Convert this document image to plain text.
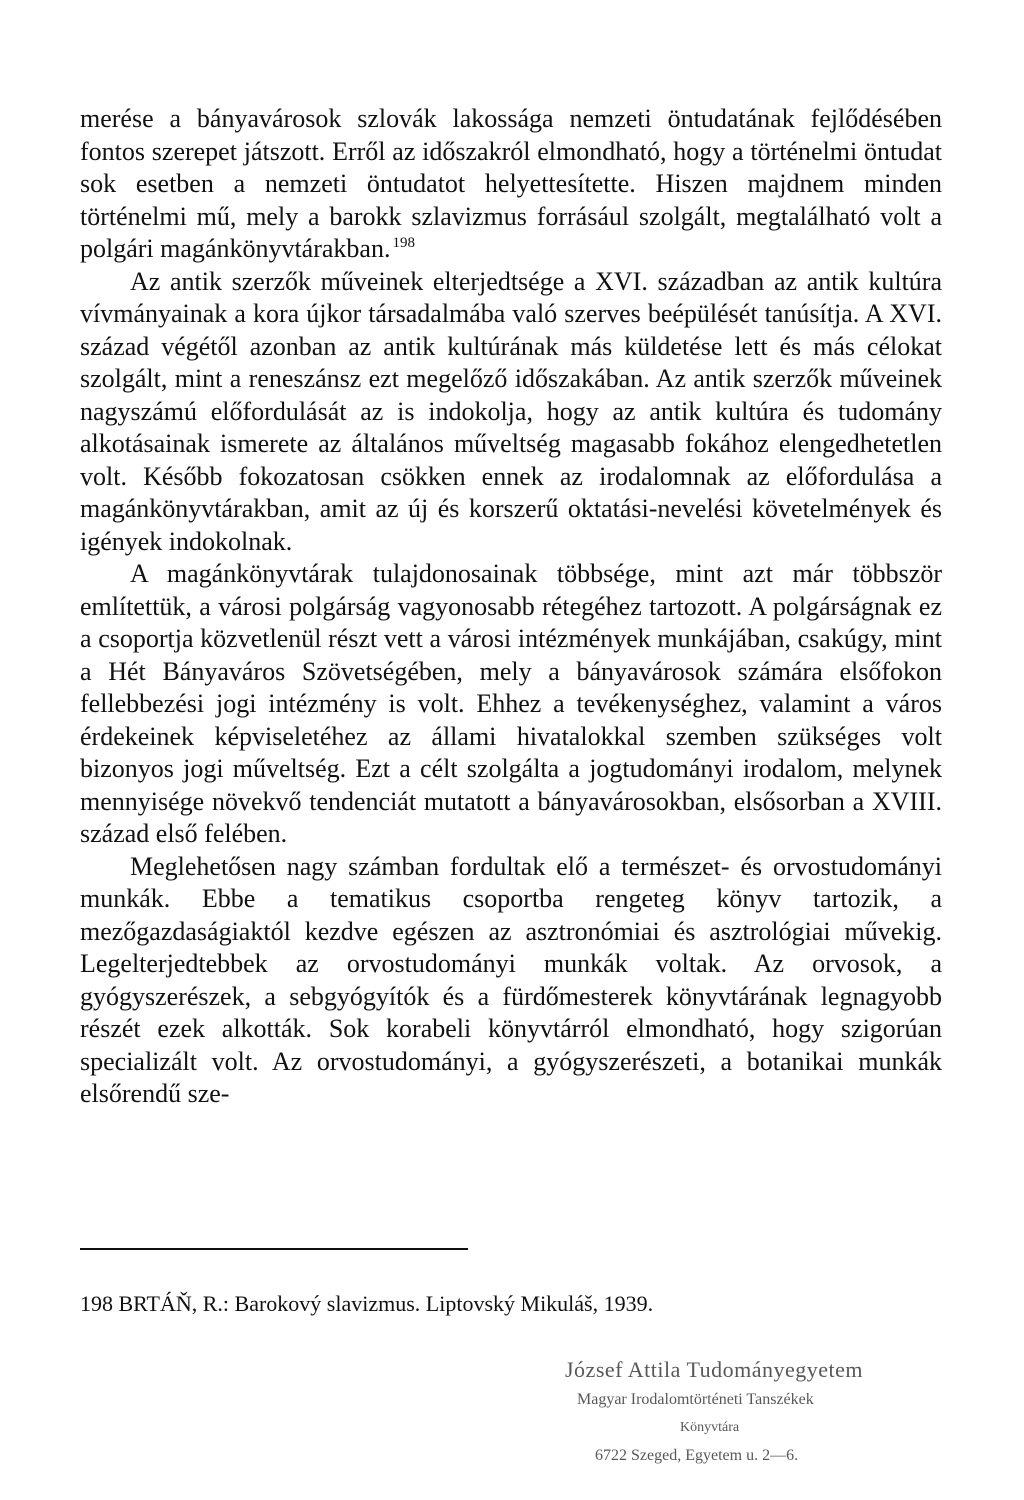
merése a bányavárosok szlovák lakossága nemzeti öntudatának fejlődésében fontos szerepet játszott. Erről az időszakról elmondható, hogy a történelmi öntudat sok esetben a nemzeti öntudatot helyettesítette. Hiszen majdnem minden történelmi mű, mely a barokk szlavizmus forrásául szolgált, megtalálható volt a polgári magánkönyvtárakban. $^{198}$

Az antik szerzők műveinek elterjedtsége a XVI. században az antik kultúra vívmányainak a kora újkor társadalmába való szerves beépülését tanúsítja. A XVI. század végétől azonban az antik kultúrának más küldetése lett és más célokat szolgált, mint a reneszánsz ezt megelőző időszakában. Az antik szerzők műveinek nagyszámú előfordulását az is indokolja, hogy az antik kultúra és tudomány alkotásainak ismerete az általános műveltség magasabb fokához elengedhetetlen volt. Később fokozatosan csökken ennek az irodalomnak az előfordulása a magánkönyvtárakban, amit az új és korszerű oktatási-nevelési követelmények és igények indokolnak.

A magánkönyvtárak tulajdonosainak többsége, mint azt már többször említettük, a városi polgárság vagyonosabb rétegéhez tartozott. A polgárságnak ez a csoportja közvetlenül részt vett a városi intézmények munkájában, csakúgy, mint a Hét Bányaváros Szövetségében, mely a bányavárosok számára elsőfokon fellebbezési jogi intézmény is volt. Ehhez a tevékenységhez, valamint a város érdekeinek képviseletéhez az állami hivatalokkal szemben szükséges volt bizonyos jogi műveltség. Ezt a célt szolgálta a jogtudományi irodalom, melynek mennyisége növekvő tendenciát mutatott a bányavárosokban, elsősorban a XVIII. század első felében.

Meglehetősen nagy számban fordultak elő a természet- és orvostudományi munkák. Ebbe a tematikus csoportba rengeteg könyv tartozik, a mezőgazdaságiaktól kezdve egészen az asztronómiai és asztrológiai művekig. Legelterjedtebbek az orvostudományi munkák voltak. Az orvosok, a gyógyszerészek, a sebgyógyítók és a fürdőmesterek könyvtárának legnagyobb részét ezek alkották. Sok korabeli könyvtárról elmondható, hogy szigorúan specializált volt. Az orvostudományi, a gyógyszerészeti, a botanikai munkák elsőrendű sze-

198 BRTÁŇ, R.: Barokový slavizmus. Liptovský Mikuláš, 1939.
József Attila Tudományegyetem
Magyar Irodalomtörténeti Tanszékek
Könyvtára
6722 Szeged, Egyetem u. 2—6.
